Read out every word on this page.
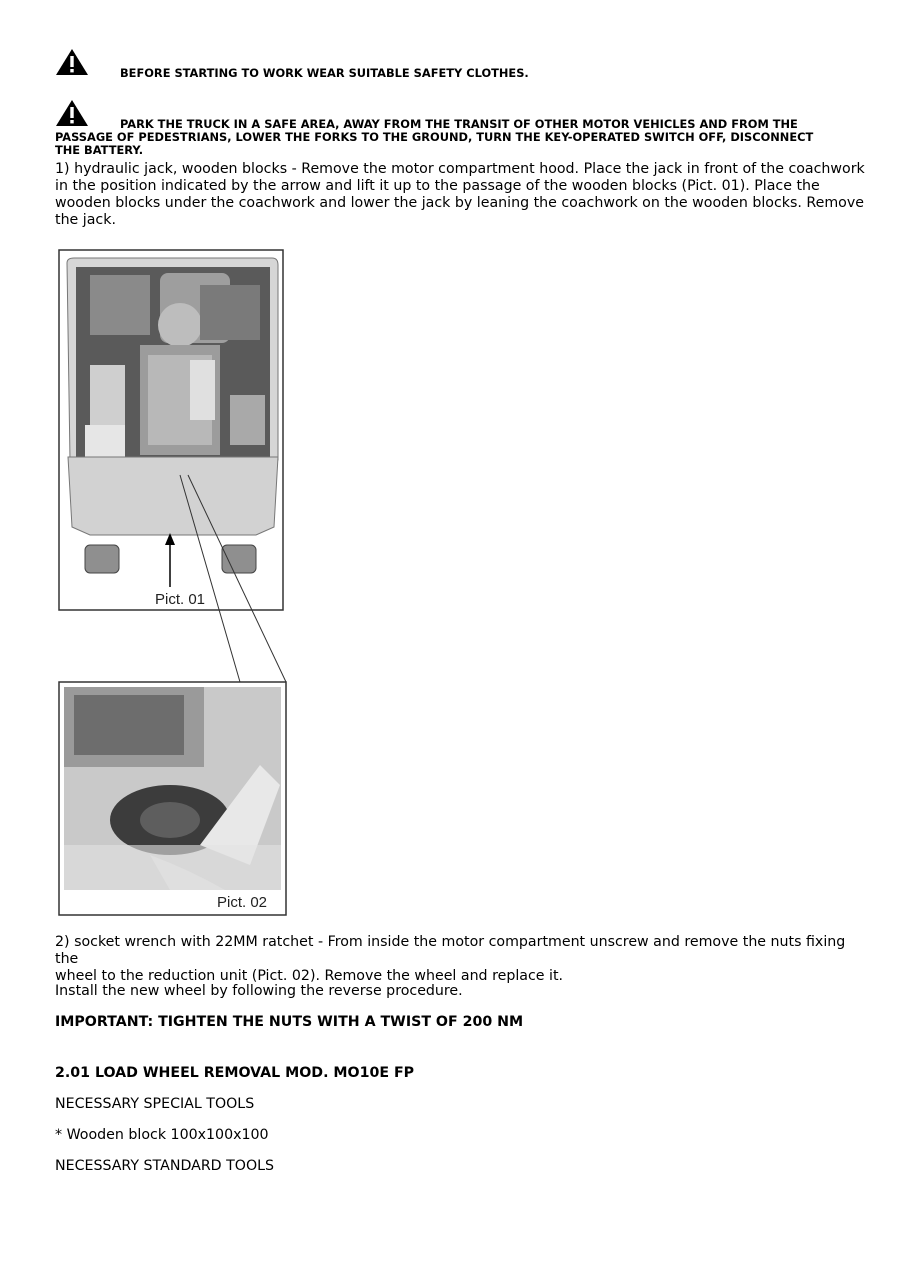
BEFORE STARTING TO WORK WEAR SUITABLE SAFETY CLOTHES.
PARK THE TRUCK IN A SAFE AREA, AWAY FROM THE TRANSIT OF OTHER MOTOR VEHICLES AND FROM THE
PASSAGE OF PEDESTRIANS, LOWER THE FORKS TO THE GROUND, TURN THE KEY-OPERATED SWITCH OFF, DISCONNECT
THE BATTERY.
1) hydraulic jack, wooden blocks - Remove the motor compartment hood. Place the jack in front of the coachwork
in the position indicated by the arrow and lift it up to the passage of the wooden blocks (Pict. 01). Place the
wooden blocks under the coachwork and lower the jack by leaning the coachwork on the wooden blocks. Remove
the jack.
Pict. 01
Pict. 02
2) socket wrench with 22MM ratchet - From inside the motor compartment unscrew and remove the nuts fixing the
wheel to the reduction unit (Pict. 02). Remove the wheel and replace it.
Install the new wheel by following the reverse procedure.
IMPORTANT: TIGHTEN THE NUTS WITH A TWIST OF 200 NM
2.01 LOAD WHEEL REMOVAL MOD. MO10E FP
NECESSARY SPECIAL TOOLS
* Wooden block 100x100x100
NECESSARY STANDARD TOOLS
